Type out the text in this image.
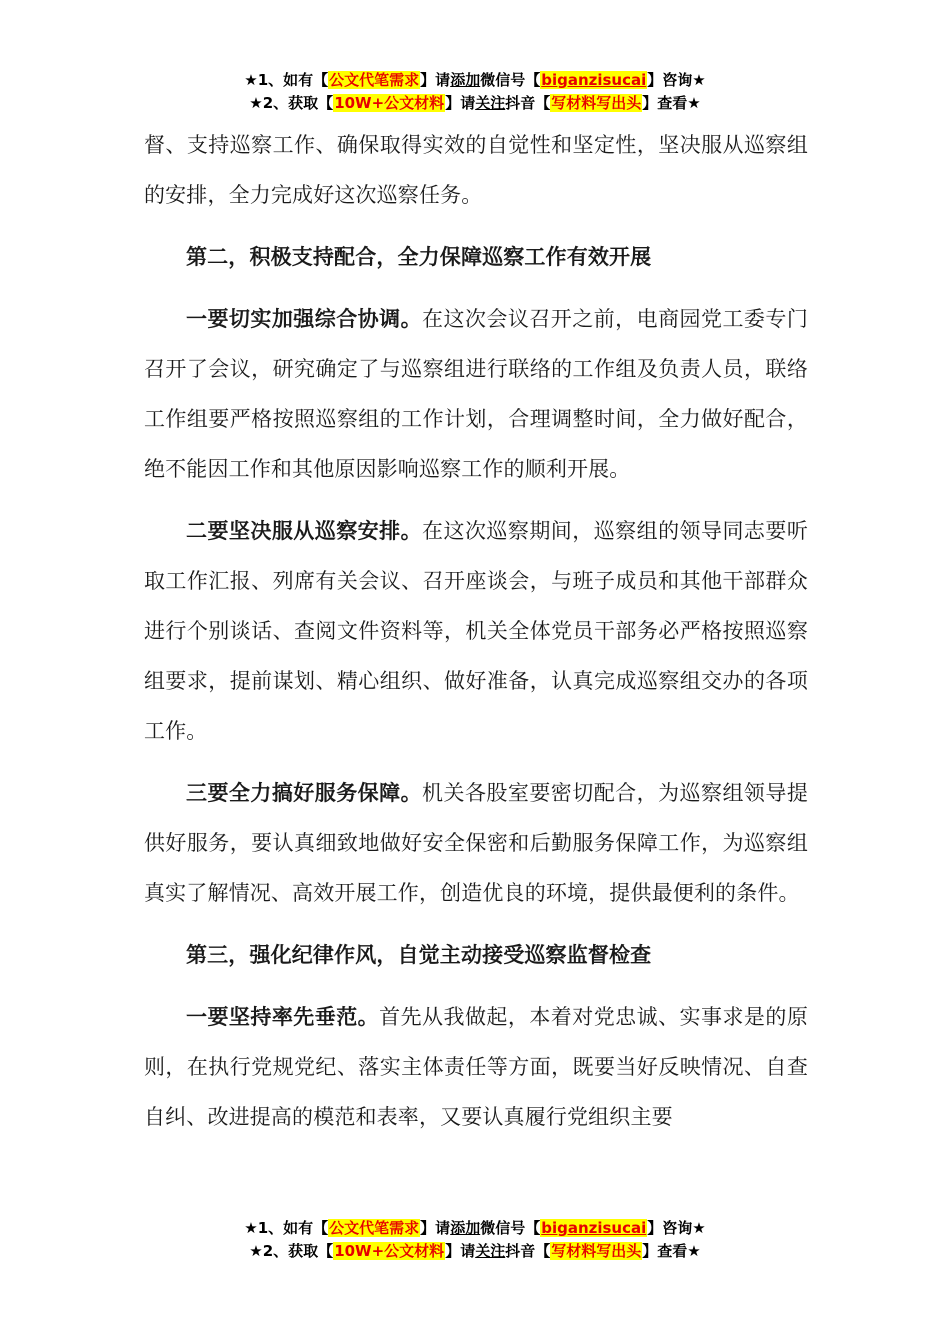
★1、如有【公文代笔需求】请添加微信号【biganzisucai】咨询★
★2、获取【10W+公文材料】请关注抖音【写材料写出头】查看★

督、支持巡察工作、确保取得实效的自觉性和坚定性，坚决服从巡察组的安排，全力完成好这次巡察任务。

第二，积极支持配合，全力保障巡察工作有效开展

一要切实加强综合协调。在这次会议召开之前，电商园党工委专门召开了会议，研究确定了与巡察组进行联络的工作组及负责人员，联络工作组要严格按照巡察组的工作计划，合理调整时间，全力做好配合，绝不能因工作和其他原因影响巡察工作的顺利开展。

二要坚决服从巡察安排。在这次巡察期间，巡察组的领导同志要听取工作汇报、列席有关会议、召开座谈会，与班子成员和其他干部群众进行个别谈话、查阅文件资料等，机关全体党员干部务必严格按照巡察组要求，提前谋划、精心组织、做好准备，认真完成巡察组交办的各项工作。

三要全力搞好服务保障。机关各股室要密切配合，为巡察组领导提供好服务，要认真细致地做好安全保密和后勤服务保障工作，为巡察组真实了解情况、高效开展工作，创造优良的环境，提供最便利的条件。

第三，强化纪律作风，自觉主动接受巡察监督检查

一要坚持率先垂范。首先从我做起，本着对党忠诚、实事求是的原则，在执行党规党纪、落实主体责任等方面，既要当好反映情况、自查自纠、改进提高的模范和表率，又要认真履行党组织主要

★1、如有【公文代笔需求】请添加微信号【biganzisucai】咨询★
★2、获取【10W+公文材料】请关注抖音【写材料写出头】查看★
